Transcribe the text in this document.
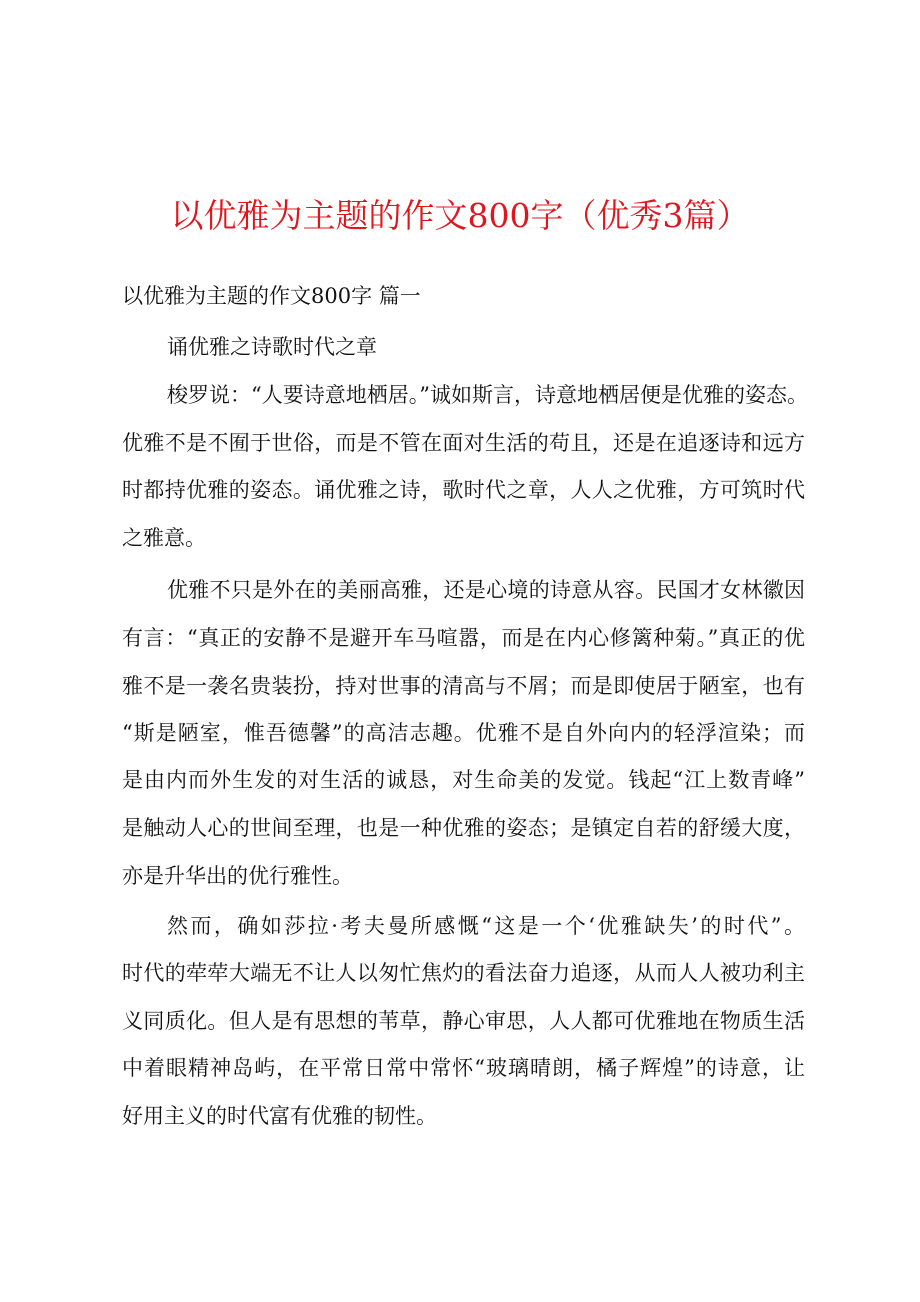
以优雅为主题的作文800字（优秀3篇）
以优雅为主题的作文800字 篇一
诵优雅之诗歌时代之章
梭罗说：“人要诗意地栖居。”诚如斯言，诗意地栖居便是优雅的姿态。
优雅不是不囿于世俗，而是不管在面对生活的苟且，还是在追逐诗和远方
时都持优雅的姿态。诵优雅之诗，歌时代之章，人人之优雅，方可筑时代
之雅意。
优雅不只是外在的美丽高雅，还是心境的诗意从容。民国才女林徽因
有言：“真正的安静不是避开车马喧嚣，而是在内心修篱种菊。”真正的优
雅不是一袭名贵装扮，持对世事的清高与不屑；而是即使居于陋室，也有
“斯是陋室，惟吾德馨”的高洁志趣。优雅不是自外向内的轻浮渲染；而
是由内而外生发的对生活的诚恳，对生命美的发觉。钱起“江上数青峰”
是触动人心的世间至理，也是一种优雅的姿态；是镇定自若的舒缓大度，
亦是升华出的优行雅性。
然而，确如莎拉·考夫曼所感慨“这是一个‘优雅缺失’的时代”。
时代的荦荦大端无不让人以匆忙焦灼的看法奋力追逐，从而人人被功利主
义同质化。但人是有思想的苇草，静心审思，人人都可优雅地在物质生活
中着眼精神岛屿，在平常日常中常怀“玻璃晴朗，橘子辉煌”的诗意，让
好用主义的时代富有优雅的韧性。
